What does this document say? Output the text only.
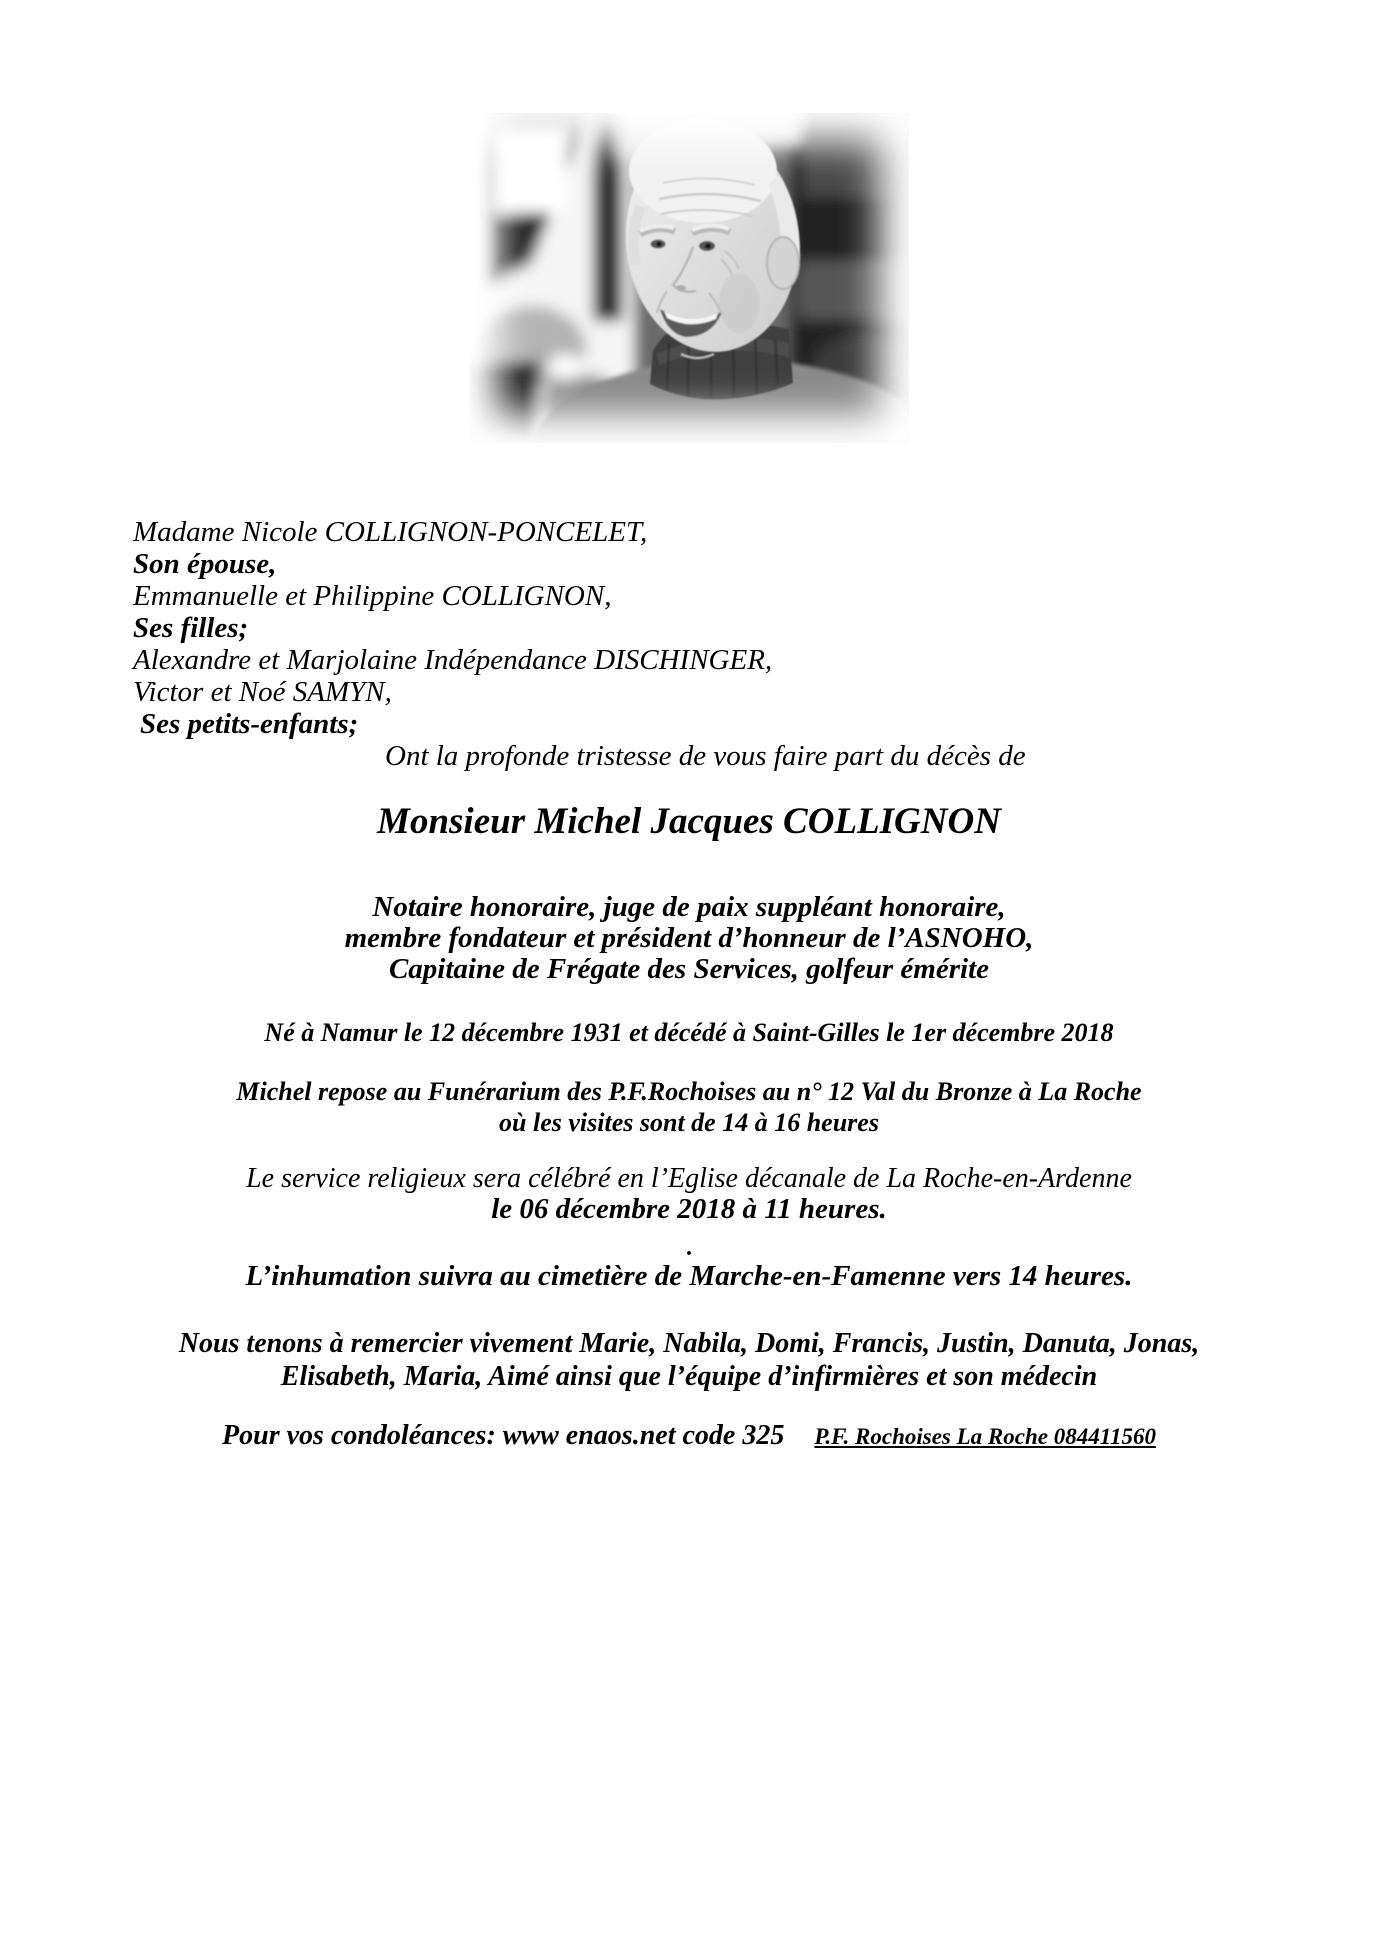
Madame Nicole COLLIGNON-PONCELET,
Son épouse,
Emmanuelle et Philippine COLLIGNON,
Ses filles;
Alexandre et Marjolaine Indépendance DISCHINGER,
Victor et Noé SAMYN,
Ses petits-enfants;
Ont la profonde tristesse de vous faire part du décès de
Monsieur Michel Jacques COLLIGNON
Notaire honoraire, juge de paix suppléant honoraire,
membre fondateur et président d’honneur de l’ASNOHO,
Capitaine de Frégate des Services, golfeur émérite
Né à Namur le 12 décembre 1931 et décédé à Saint-Gilles le 1er décembre 2018
Michel repose au Funérarium des P.F.Rochoises au n° 12 Val du Bronze à La Roche
où les visites sont de 14 à 16 heures
Le service religieux sera célébré en l’Eglise décanale de La Roche-en-Ardenne
le 06 décembre 2018 à 11 heures.
.
L’inhumation suivra au cimetière de Marche-en-Famenne vers 14 heures.
Nous tenons à remercier vivement Marie, Nabila, Domi, Francis, Justin, Danuta, Jonas,
Elisabeth, Maria, Aimé ainsi que l’équipe d’infirmières et son médecin
Pour vos condoléances: www enaos.net code 325 P.F. Rochoises La Roche 084411560
